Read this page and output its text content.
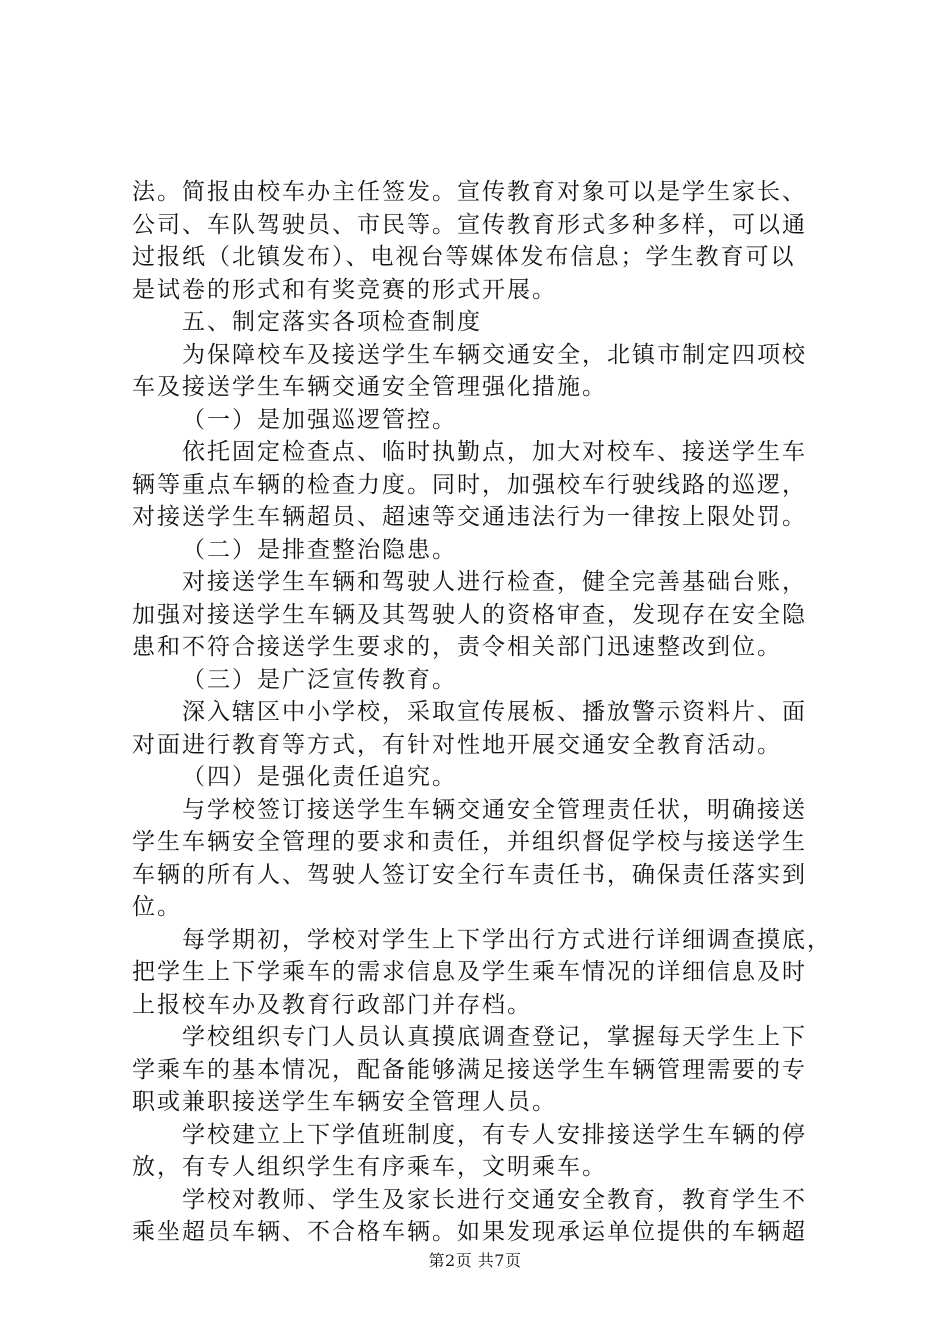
法。简报由校车办主任签发。宣传教育对象可以是学生家长、
公司、车队驾驶员、市民等。宣传教育形式多种多样，可以通
过报纸（北镇发布）、电视台等媒体发布信息；学生教育可以
是试卷的形式和有奖竞赛的形式开展。
五、制定落实各项检查制度
为保障校车及接送学生车辆交通安全，北镇市制定四项校
车及接送学生车辆交通安全管理强化措施。
（一）是加强巡逻管控。
依托固定检查点、临时执勤点，加大对校车、接送学生车
辆等重点车辆的检查力度。同时，加强校车行驶线路的巡逻，
对接送学生车辆超员、超速等交通违法行为一律按上限处罚。
（二）是排查整治隐患。
对接送学生车辆和驾驶人进行检查，健全完善基础台账，
加强对接送学生车辆及其驾驶人的资格审查，发现存在安全隐
患和不符合接送学生要求的，责令相关部门迅速整改到位。
（三）是广泛宣传教育。
深入辖区中小学校，采取宣传展板、播放警示资料片、面
对面进行教育等方式，有针对性地开展交通安全教育活动。
（四）是强化责任追究。
与学校签订接送学生车辆交通安全管理责任状，明确接送
学生车辆安全管理的要求和责任，并组织督促学校与接送学生
车辆的所有人、驾驶人签订安全行车责任书，确保责任落实到
位。
每学期初，学校对学生上下学出行方式进行详细调查摸底，
把学生上下学乘车的需求信息及学生乘车情况的详细信息及时
上报校车办及教育行政部门并存档。
学校组织专门人员认真摸底调查登记，掌握每天学生上下
学乘车的基本情况，配备能够满足接送学生车辆管理需要的专
职或兼职接送学生车辆安全管理人员。
学校建立上下学值班制度，有专人安排接送学生车辆的停
放，有专人组织学生有序乘车，文明乘车。
学校对教师、学生及家长进行交通安全教育，教育学生不
乘坐超员车辆、不合格车辆。如果发现承运单位提供的车辆超
第2页 共7页
